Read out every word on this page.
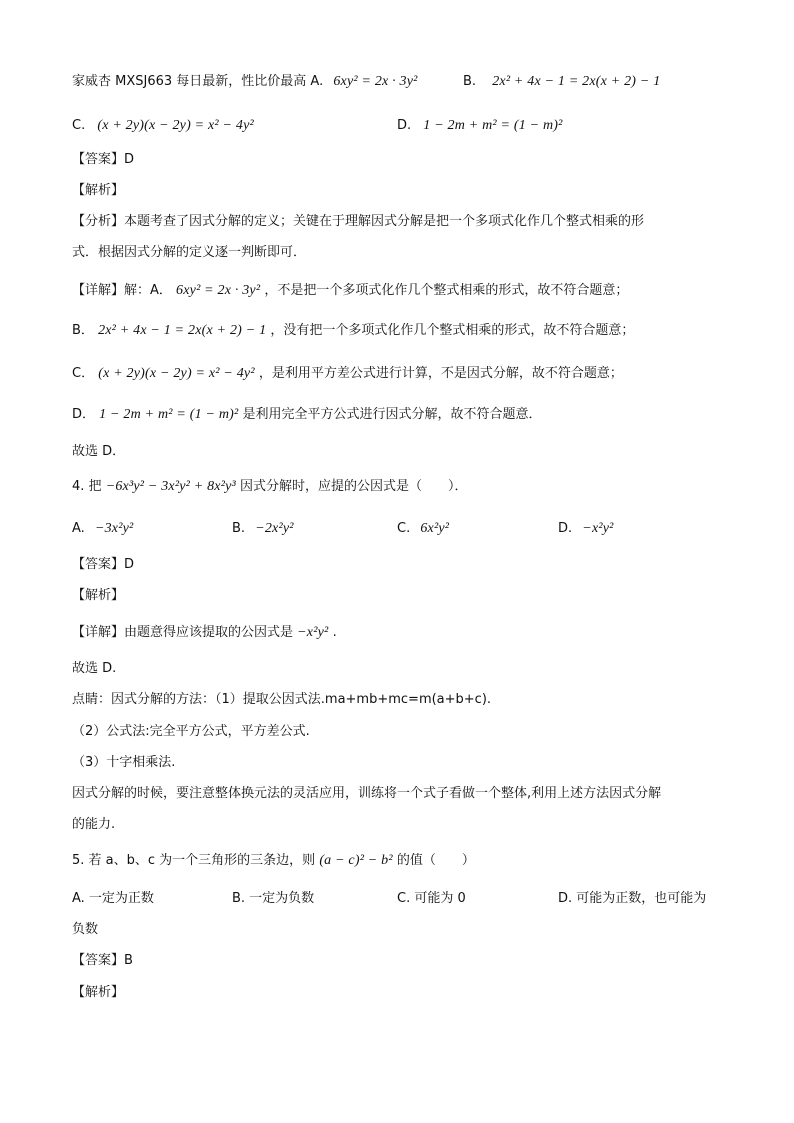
家威杏 MXSJ663 每日最新，性比价最高 A. 6xy² = 2x · 3y²	B. 2x² + 4x − 1 = 2x(x + 2) − 1
C. (x + 2y)(x − 2y) = x² − 4y²	D. 1 − 2m + m² = (1 − m)²
【答案】D
【解析】
【分析】本题考查了因式分解的定义；关键在于理解因式分解是把一个多项式化作几个整式相乘的形
式．根据因式分解的定义逐一判断即可．
【详解】解：A． 6xy² = 2x · 3y² ，不是把一个多项式化作几个整式相乘的形式，故不符合题意；
B． 2x² + 4x − 1 = 2x(x + 2) − 1 ，没有把一个多项式化作几个整式相乘的形式，故不符合题意；
C． (x + 2y)(x − 2y) = x² − 4y² ，是利用平方差公式进行计算，不是因式分解，故不符合题意；
D． 1 − 2m + m² = (1 − m)² 是利用完全平方公式进行因式分解，故不符合题意．
故选 D．
4. 把 −6x³y² − 3x²y² + 8x²y³ 因式分解时，应提的公因式是（　　）．
A. −3x²y²	B. −2x²y²	C. 6x²y²	D. −x²y²
【答案】D
【解析】
【详解】由题意得应该提取的公因式是 −x²y² .
故选 D.
点睛：因式分解的方法：（1）提取公因式法.ma+mb+mc=m(a+b+c).
（2）公式法:完全平方公式，平方差公式.
（3）十字相乘法.
因式分解的时候，要注意整体换元法的灵活应用，训练将一个式子看做一个整体,利用上述方法因式分解
的能力.
5. 若 a、b、c 为一个三角形的三条边，则 (a − c)² − b² 的值（　　）
A. 一定为正数	B. 一定为负数	C. 可能为 0	D. 可能为正数，也可能为
负数
【答案】B
【解析】
